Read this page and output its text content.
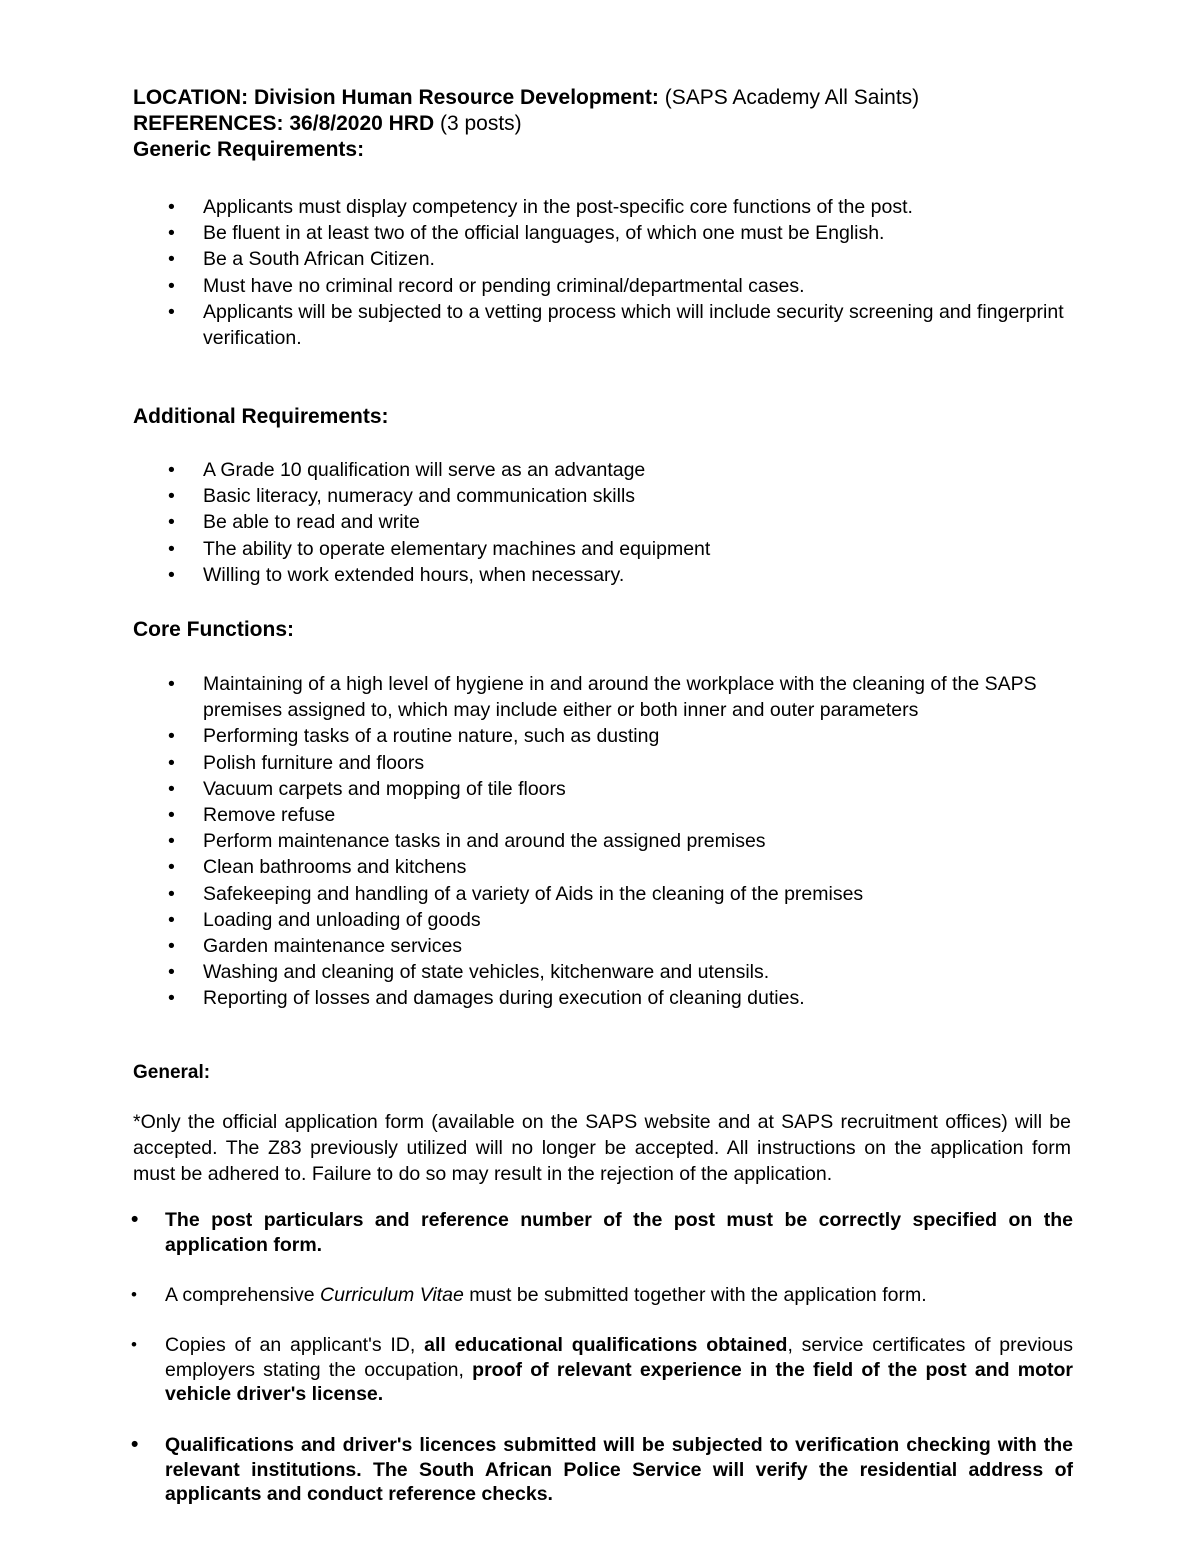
LOCATION: Division Human Resource Development: (SAPS Academy All Saints)
REFERENCES: 36/8/2020 HRD (3 posts)
Generic Requirements:
• Applicants must display competency in the post-specific core functions of the post.
• Be fluent in at least two of the official languages, of which one must be English.
• Be a South African Citizen.
• Must have no criminal record or pending criminal/departmental cases.
• Applicants will be subjected to a vetting process which will include security screening and fingerprint verification.
Additional Requirements:
• A Grade 10 qualification will serve as an advantage
• Basic literacy, numeracy and communication skills
• Be able to read and write
• The ability to operate elementary machines and equipment
• Willing to work extended hours, when necessary.
Core Functions:
• Maintaining of a high level of hygiene in and around the workplace with the cleaning of the SAPS premises assigned to, which may include either or both inner and outer parameters
• Performing tasks of a routine nature, such as dusting
• Polish furniture and floors
• Vacuum carpets and mopping of tile floors
• Remove refuse
• Perform maintenance tasks in and around the assigned premises
• Clean bathrooms and kitchens
• Safekeeping and handling of a variety of Aids in the cleaning of the premises
• Loading and unloading of goods
• Garden maintenance services
• Washing and cleaning of state vehicles, kitchenware and utensils.
• Reporting of losses and damages during execution of cleaning duties.
General:
*Only the official application form (available on the SAPS website and at SAPS recruitment offices) will be accepted. The Z83 previously utilized will no longer be accepted. All instructions on the application form must be adhered to. Failure to do so may result in the rejection of the application.
• The post particulars and reference number of the post must be correctly specified on the application form.
• A comprehensive Curriculum Vitae must be submitted together with the application form.
• Copies of an applicant's ID, all educational qualifications obtained, service certificates of previous employers stating the occupation, proof of relevant experience in the field of the post and motor vehicle driver's license.
• Qualifications and driver's licences submitted will be subjected to verification checking with the relevant institutions. The South African Police Service will verify the residential address of applicants and conduct reference checks.
